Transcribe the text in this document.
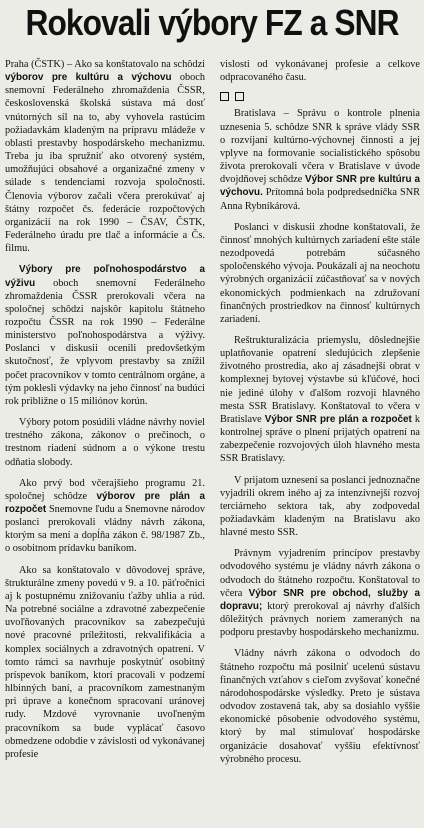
Rokovali výbory FZ a SNR

Praha (ČSTK) – Ako sa konštatovalo na schôdzi výborov pre kultúru a výchovu oboch snemovní Federálneho zhromaždenia ČSSR, československá školská sústava má dosť vnútorných síl na to, aby vyhovela rastúcim požiadavkám kladeným na prípravu mládeže v oblasti prestavby hospodárskeho mechanizmu. Treba ju iba spružniť ako otvorený systém, umožňujúci obsahové a organizačné zmeny v súlade s tendenciami rozvoja spoločnosti. Členovia výborov začali včera prerokúvať aj štátny rozpočet čs. federácie rozpočtových organizácií na rok 1990 – ČSAV, ČSTK, Federálneho úradu pre tlač a informácie a Čs. filmu.

Výbory pre poľnohospodárstvo a výživu oboch snemovní Federálneho zhromaždenia ČSSR prerokovali včera na spoločnej schôdzi najskôr kapitolu štátneho rozpočtu ČSSR na rok 1990 – Federálne ministerstvo poľnohospodárstva a výživy. Poslanci v diskusii ocenili predovšetkým skutočnosť, že vplyvom prestavby sa znížil počet pracovníkov v tomto centrálnom orgáne, a tým poklesli výdavky na jeho činnosť na budúci rok približne o 15 miliónov korún.

Výbory potom posúdili vládne návrhy noviel trestného zákona, zákonov o prečinoch, o trestnom riadení súdnom a o výkone trestu odňatia slobody.

Ako prvý bod včerajšieho programu 21. spoločnej schôdze výborov pre plán a rozpočet Snemovne ľudu a Snemovne národov poslanci prerokovali vládny návrh zákona, ktorým sa mení a dopĺňa zákon č. 98/1987 Zb., o osobitnom prídavku baníkom.

Ako sa konštatovalo v dôvodovej správe, štrukturálne zmeny povedú v 9. a 10. päťročnici aj k postupnému znižovaniu ťažby uhlia a rúd. Na potrebné sociálne a zdravotné zabezpečenie uvoľňovaných pracovníkov sa zabezpečujú nové pracovné príležitosti, rekvalifikácia a komplex sociálnych a zdravotných opatrení. V tomto rámci sa navrhuje poskytnúť osobitný príspevok baníkom, ktorí pracovali v podzemí hlbinných baní, a pracovníkom zamestnaným pri úprave a konečnom spracovaní uránovej rudy. Mzdové vyrovnanie uvoľneným pracovníkom sa bude vyplácať časovo obmedzene odobdie v závislosti od vykonávanej profesie

vislosti od vykonávanej profesie a celkove odpracovaného času.

Bratislava – Správu o kontrole plnenia uznesenia 5. schôdze SNR k správe vlády SSR o rozvíjaní kultúrno-výchovnej činnosti a jej vplyve na formovanie socialistického spôsobu života prerokovali včera v Bratislave v úvode dvojdňovej schôdze Výbor SNR pre kultúru a výchovu. Prítomná bola podpredsedníčka SNR Anna Rybníkárová.

Poslanci v diskusii zhodne konštatovali, že činnosť mnohých kultúrnych zariadení ešte stále nezodpovedá potrebám súčasného spoločenského vývoja. Poukázali aj na neochotu výrobných organizácií zúčastňovať sa v nových ekonomických podmienkach na združovaní finančných prostriedkov na činnosť kultúrnych zariadení.

Reštrukturalizácia priemyslu, dôslednejšie uplatňovanie opatrení sledujúcich zlepšenie životného prostredia, ako aj zásadnejší obrat v komplexnej bytovej výstavbe sú kľúčové, hoci nie jediné úlohy v ďalšom rozvoji hlavného mesta SSR Bratislavy. Konštatoval to včera v Bratislave Výbor SNR pre plán a rozpočet k kontrolnej správe o plnení prijatých opatrení na zabezpečenie rozvojových úloh hlavného mesta SSR Bratislavy.

V prijatom uznesení sa poslanci jednoznačne vyjadrili okrem iného aj za intenzívnejší rozvoj terciárneho sektora tak, aby zodpovedal požiadavkám kladeným na Bratislavu ako hlavné mesto SSR.

Právnym vyjadrením princípov prestavby odvodového systému je vládny návrh zákona o odvodoch do štátneho rozpočtu. Konštatoval to včera Výbor SNR pre obchod, služby a dopravu; ktorý prerokoval aj návrhy ďalších dôležitých právnych noriem zameraných na podporu prestavby hospodárskeho mechanizmu.

Vládny návrh zákona o odvodoch do štátneho rozpočtu má posilniť ucelenú sústavu finančných vzťahov s cieľom zvyšovať konečné národohospodárske výsledky. Preto je sústava odvodov zostavená tak, aby sa dosiahlo vyššie ekonomické pôsobenie odvodového systému, ktorý by mal stimulovať hospodárske organizácie dosahovať vyššiu efektívnosť výrobného procesu.
